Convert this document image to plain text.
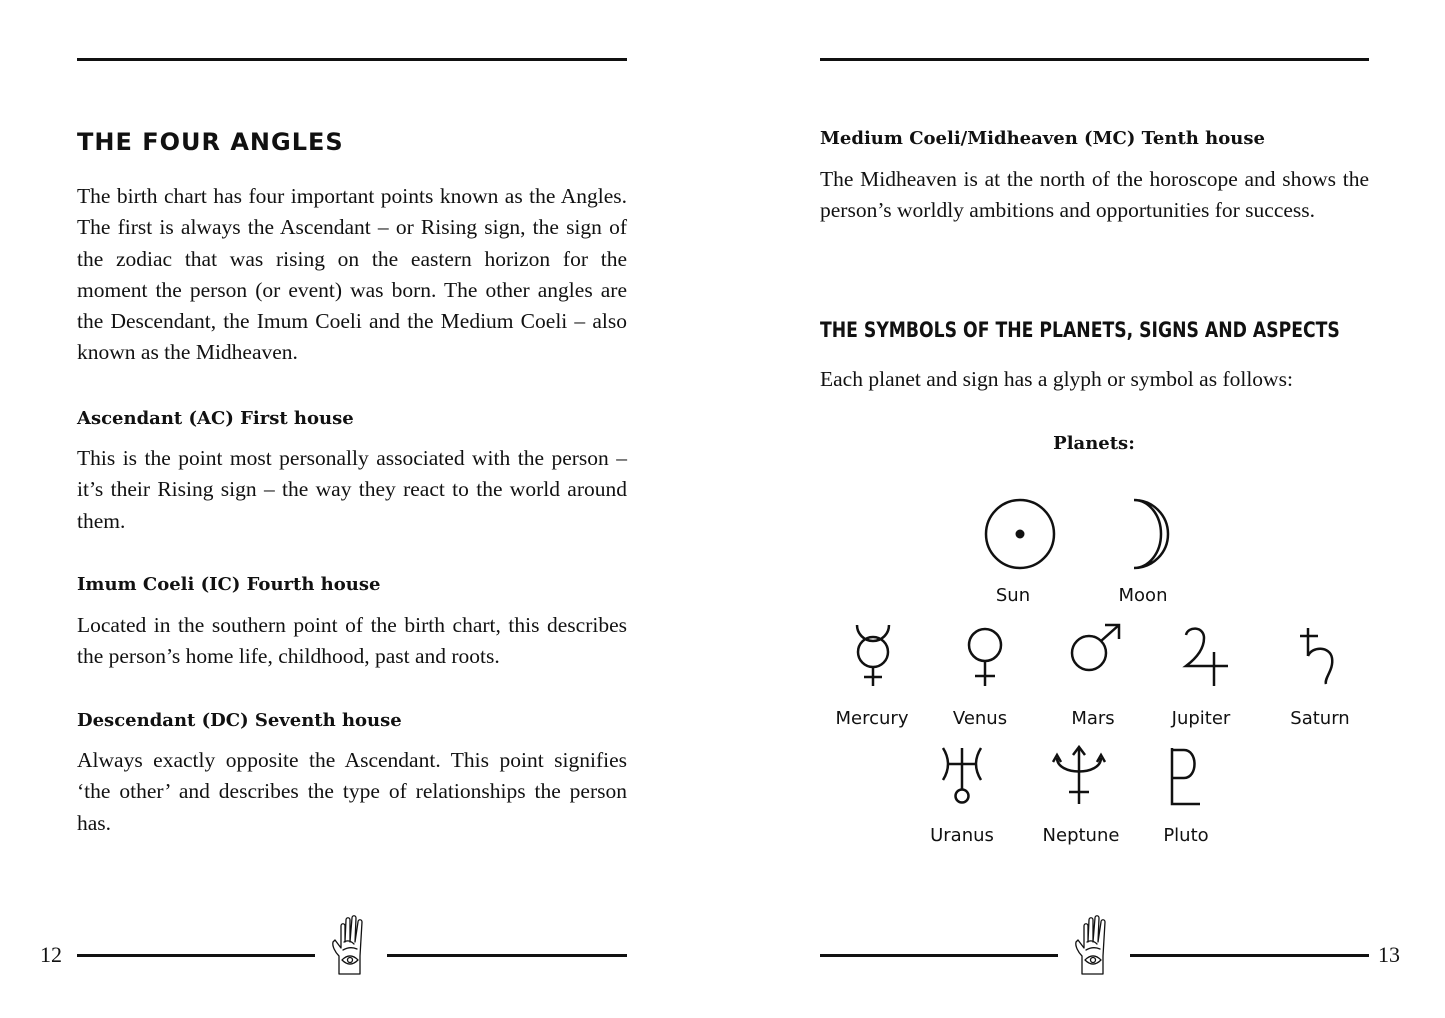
THE FOUR ANGLES

The birth chart has four important points known as the Angles. The first is always the Ascendant – or Rising sign, the sign of the zodiac that was rising on the eastern horizon for the moment the person (or event) was born. The other angles are the Descendant, the Imum Coeli and the Medium Coeli – also known as the Midheaven.

Ascendant (AC) First house

This is the point most personally associated with the person – it’s their Rising sign – the way they react to the world around them.

Imum Coeli (IC) Fourth house

Located in the southern point of the birth chart, this describes the person’s home life, childhood, past and roots.

Descendant (DC) Seventh house

Always exactly opposite the Ascendant. This point signifies ‘the other’ and describes the type of relationships the person has.

12

Medium Coeli/Midheaven (MC) Tenth house

The Midheaven is at the north of the horoscope and shows the person’s worldly ambitions and opportunities for success.

THE SYMBOLS OF THE PLANETS, SIGNS AND ASPECTS

Each planet and sign has a glyph or symbol as follows:

Planets:

Sun	Moon
Mercury Venus	Mars	Jupiter	Saturn
Uranus	Neptune Pluto
13
